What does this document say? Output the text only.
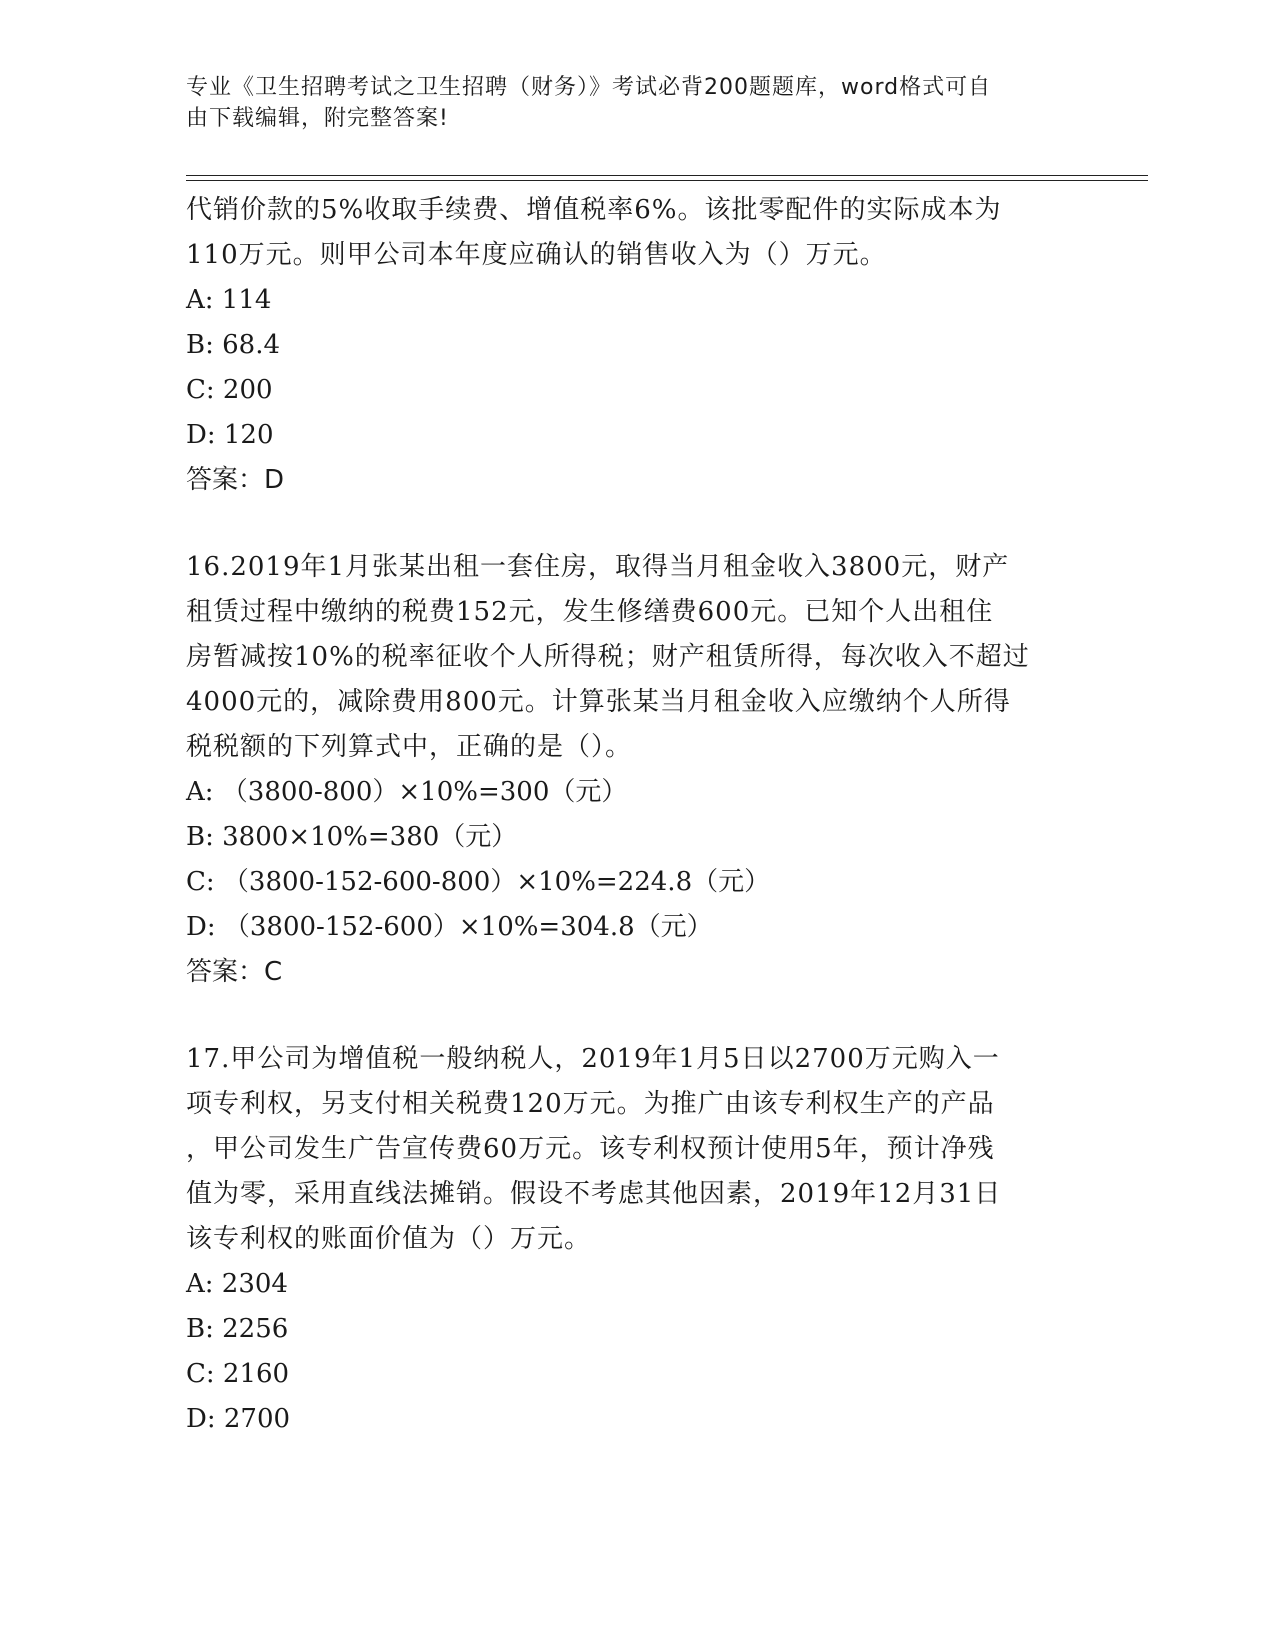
专业《卫生招聘考试之卫生招聘（财务）》考试必背200题题库，word格式可自
由下载编辑，附完整答案!

代销价款的5%收取手续费、增值税率6%。该批零配件的实际成本为

110万元。则甲公司本年度应确认的销售收入为（）万元。

A: 114

B: 68.4

C: 200

D: 120

答案：D

16.2019年1月张某出租一套住房，取得当月租金收入3800元，财产

租赁过程中缴纳的税费152元，发生修缮费600元。已知个人出租住

房暂减按10%的税率征收个人所得税；财产租赁所得，每次收入不超过

4000元的，减除费用800元。计算张某当月租金收入应缴纳个人所得

税税额的下列算式中，正确的是（）。

A: （3800-800）×10%=300（元）

B: 3800×10%=380（元）

C: （3800-152-600-800）×10%=224.8（元）

D: （3800-152-600）×10%=304.8（元）

答案：C

17.甲公司为增值税一般纳税人，2019年1月5日以2700万元购入一

项专利权，另支付相关税费120万元。为推广由该专利权生产的产品

，甲公司发生广告宣传费60万元。该专利权预计使用5年，预计净残

值为零，采用直线法摊销。假设不考虑其他因素，2019年12月31日

该专利权的账面价值为（）万元。

A: 2304

B: 2256

C: 2160

D: 2700
